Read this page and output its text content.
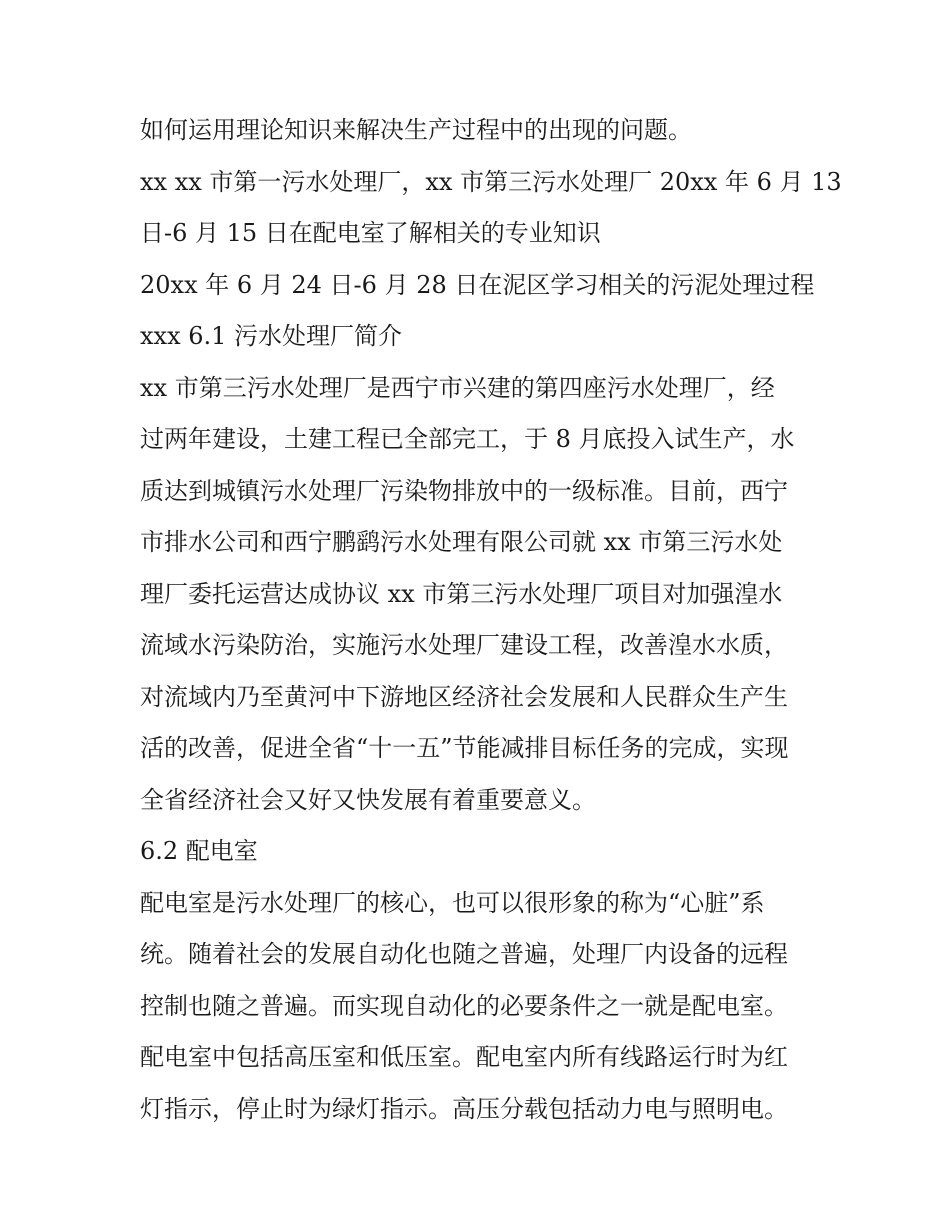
如何运用理论知识来解决生产过程中的出现的问题。
xx xx 市第一污水处理厂，xx 市第三污水处理厂 20xx 年 6 月 13
日-6 月 15 日在配电室了解相关的专业知识
20xx 年 6 月 24 日-6 月 28 日在泥区学习相关的污泥处理过程
xxx 6.1 污水处理厂简介
xx 市第三污水处理厂是西宁市兴建的第四座污水处理厂，经
过两年建设，土建工程已全部完工，于 8 月底投入试生产，水
质达到城镇污水处理厂污染物排放中的一级标准。目前，西宁
市排水公司和西宁鹏鹞污水处理有限公司就 xx 市第三污水处
理厂委托运营达成协议 xx 市第三污水处理厂项目对加强湟水
流域水污染防治，实施污水处理厂建设工程，改善湟水水质，
对流域内乃至黄河中下游地区经济社会发展和人民群众生产生
活的改善，促进全省“十一五”节能减排目标任务的完成，实现
全省经济社会又好又快发展有着重要意义。
6.2 配电室
配电室是污水处理厂的核心，也可以很形象的称为“心脏”系
统。随着社会的发展自动化也随之普遍，处理厂内设备的远程
控制也随之普遍。而实现自动化的必要条件之一就是配电室。
配电室中包括高压室和低压室。配电室内所有线路运行时为红
灯指示，停止时为绿灯指示。高压分载包括动力电与照明电。
